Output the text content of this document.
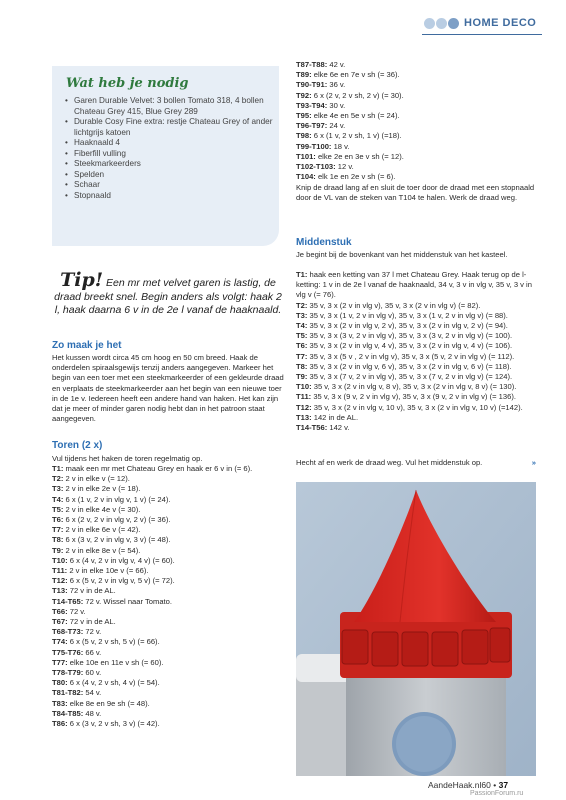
HOME DECO
Wat heb je nodig
• Garen Durable Velvet: 3 bollen Tomato 318, 4 bollen Chateau Grey 415, Blue Grey 289
• Durable Cosy Fine extra: restje Chateau Grey of ander lichtgrijs katoen
• Haaknaald 4
• Fiberfill vulling
• Steekmarkeerders
• Spelden
• Schaar
• Stopnaald
Tip! Een mr met velvet garen is lastig, de draad breekt snel. Begin anders als volgt: haak 2 l, haak daarna 6 v in de 2e l vanaf de haaknaald.
Zo maak je het
Het kussen wordt circa 45 cm hoog en 50 cm breed. Haak de onderdelen spiraalsgewijs tenzij anders aangegeven. Markeer het begin van een toer met een steekmarkeerder of een gekleurde draad en verplaats de steekmarkeerder aan het begin van een nieuwe toer in de 1e v. Iedereen heeft een andere hand van haken. Het kan zijn dat je meer of minder garen nodig hebt dan in het patroon staat aangegeven.
Toren (2 x)
Vul tijdens het haken de toren regelmatig op.
T1: maak een mr met Chateau Grey en haak er 6 v in (= 6).
T2: 2 v in elke v (= 12).
T3: 2 v in elke 2e v (= 18).
T4: 6 x (1 v, 2 v in vlg v, 1 v) (= 24).
T5: 2 v in elke 4e v (= 30).
T6: 6 x (2 v, 2 v in vlg v, 2 v) (= 36).
T7: 2 v in elke 6e v (= 42).
T8: 6 x (3 v, 2 v in vlg v, 3 v) (= 48).
T9: 2 v in elke 8e v (= 54).
T10: 6 x (4 v, 2 v in vlg v, 4 v) (= 60).
T11: 2 v in elke 10e v (= 66).
T12: 6 x (5 v, 2 v in vlg v, 5 v) (= 72).
T13: 72 v in de AL.
T14-T65: 72 v. Wissel naar Tomato.
T66: 72 v.
T67: 72 v in de AL.
T68-T73: 72 v.
T74: 6 x (5 v, 2 v sh, 5 v) (= 66).
T75-T76: 66 v.
T77: elke 10e en 11e v sh (= 60).
T78-T79: 60 v.
T80: 6 x (4 v, 2 v sh, 4 v) (= 54).
T81-T82: 54 v.
T83: elke 8e en 9e sh (= 48).
T84-T85: 48 v.
T86: 6 x (3 v, 2 v sh, 3 v) (= 42).
T87-T88: 42 v.
T89: elke 6e en 7e v sh (= 36).
T90-T91: 36 v.
T92: 6 x (2 v, 2 v sh, 2 v) (= 30).
T93-T94: 30 v.
T95: elke 4e en 5e v sh (= 24).
T96-T97: 24 v.
T98: 6 x (1 v, 2 v sh, 1 v) (=18).
T99-T100: 18 v.
T101: elke 2e en 3e v sh (= 12).
T102-T103: 12 v.
T104: elk 1e en 2e v sh (= 6).
Knip de draad lang af en sluit de toer door de draad met een stopnaald door de VL van de steken van T104 te halen. Werk de draad weg.
Middenstuk
Je begint bij de bovenkant van het middenstuk van het kasteel.
T1: haak een ketting van 37 l met Chateau Grey. Haak terug op de l-ketting: 1 v in de 2e l vanaf de haaknaald, 34 v, 3 v in vlg v, 35 v, 3 v in vlg v (= 76).
T2: 35 v, 3 x (2 v in vlg v), 35 v, 3 x (2 v in vlg v) (= 82).
T3: 35 v, 3 x (1 v, 2 v in vlg v), 35 v, 3 x (1 v, 2 v in vlg v) (= 88).
T4: 35 v, 3 x (2 v in vlg v, 2 v), 35 v, 3 x (2 v in vlg v, 2 v) (= 94).
T5: 35 v, 3 x (3 v, 2 v in vlg v), 35 v, 3 x (3 v, 2 v in vlg v) (= 100).
T6: 35 v, 3 x (2 v in vlg v, 4 v), 35 v, 3 x (2 v in vlg v, 4 v) (= 106).
T7: 35 v, 3 x (5 v , 2 v in vlg v), 35 v, 3 x (5 v, 2 v in vlg v) (= 112).
T8: 35 v, 3 x (2 v in vlg v, 6 v), 35 v, 3 x (2 v in vlg v, 6 v) (= 118).
T9: 35 v, 3 x (7 v, 2 v in vlg v), 35 v, 3 x (7 v, 2 v in vlg v) (= 124).
T10: 35 v, 3 x (2 v in vlg v, 8 v), 35 v, 3 x (2 v in vlg v, 8 v) (= 130).
T11: 35 v, 3 x (9 v, 2 v in vlg v), 35 v, 3 x (9 v, 2 v in vlg v) (= 136).
T12: 35 v, 3 x (2 v in vlg v, 10 v), 35 v, 3 x (2 v in vlg v, 10 v) (=142).
T13: 142 in de AL.
T14-T56: 142 v.
Hecht af en werk de draad weg. Vul het middenstuk op.	»
AandeHaak.nl60 • 37
PassionForum.ru
